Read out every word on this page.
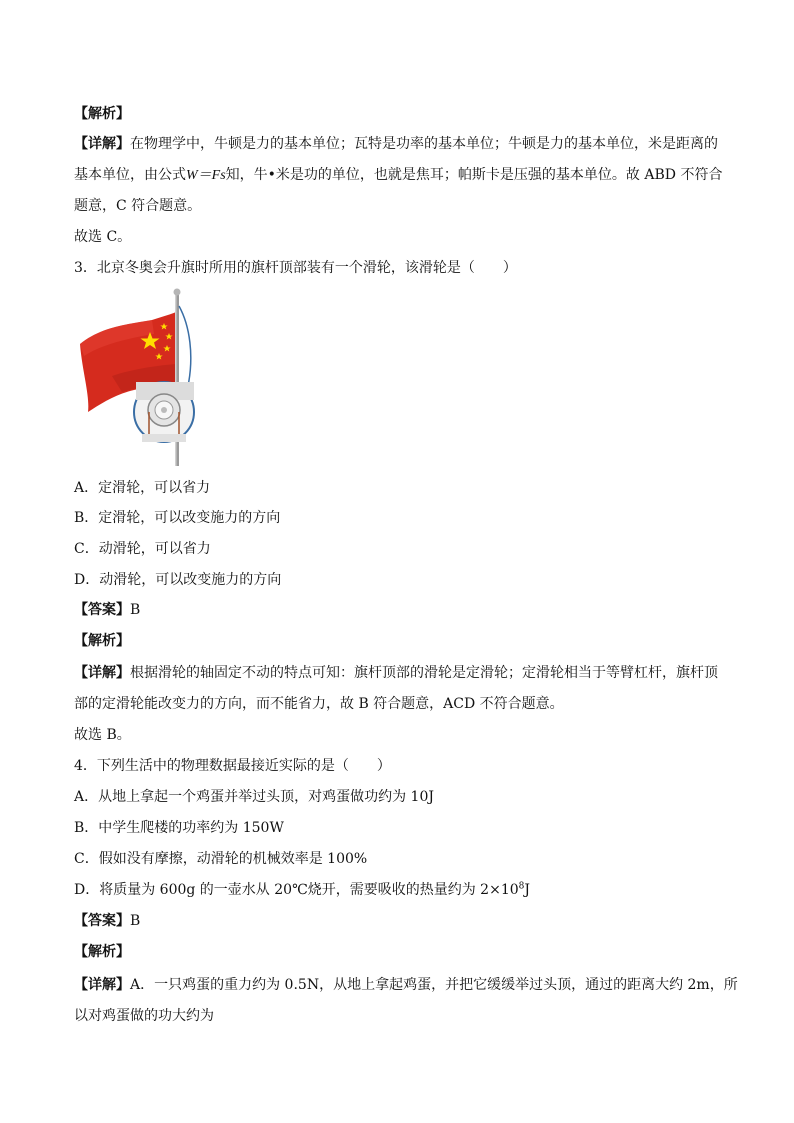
【解析】
【详解】在物理学中，牛顿是力的基本单位；瓦特是功率的基本单位；牛顿是力的基本单位，米是距离的
基本单位，由公式W＝Fs知，牛•米是功的单位，也就是焦耳；帕斯卡是压强的基本单位。故 ABD 不符合
题意，C 符合题意。
故选 C。
3．北京冬奥会升旗时所用的旗杆顶部装有一个滑轮，该滑轮是（　　）
A．定滑轮，可以省力
B．定滑轮，可以改变施力的方向
C．动滑轮，可以省力
D．动滑轮，可以改变施力的方向
【答案】B
【解析】
【详解】根据滑轮的轴固定不动的特点可知：旗杆顶部的滑轮是定滑轮；定滑轮相当于等臂杠杆，旗杆顶
部的定滑轮能改变力的方向，而不能省力，故 B 符合题意，ACD 不符合题意。
故选 B。
4．下列生活中的物理数据最接近实际的是（　　）
A．从地上拿起一个鸡蛋并举过头顶，对鸡蛋做功约为 10J
B．中学生爬楼的功率约为 150W
C．假如没有摩擦，动滑轮的机械效率是 100%
D．将质量为 600g 的一壶水从 20℃烧开，需要吸收的热量约为 $2\times 10^8J$
【答案】B
【解析】
【详解】A．一只鸡蛋的重力约为 0.5N，从地上拿起鸡蛋，并把它缓缓举过头顶，通过的距离大约 2m，所
以对鸡蛋做的功大约为
